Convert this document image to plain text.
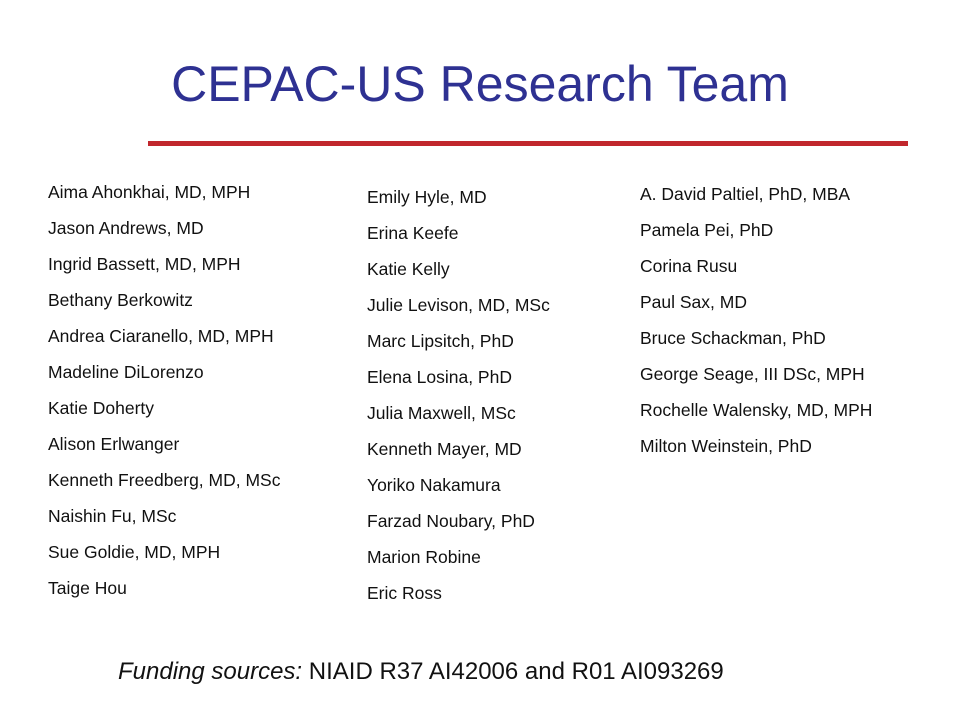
CEPAC-US Research Team
Aima Ahonkhai, MD, MPH
Jason Andrews, MD
Ingrid Bassett, MD, MPH
Bethany Berkowitz
Andrea Ciaranello, MD, MPH
Madeline DiLorenzo
Katie Doherty
Alison Erlwanger
Kenneth Freedberg, MD, MSc
Naishin Fu, MSc
Sue Goldie, MD, MPH
Taige Hou
Emily Hyle, MD
Erina Keefe
Katie Kelly
Julie Levison, MD, MSc
Marc Lipsitch, PhD
Elena Losina, PhD
Julia Maxwell, MSc
Kenneth Mayer, MD
Yoriko Nakamura
Farzad Noubary, PhD
Marion Robine
Eric Ross
A. David Paltiel, PhD, MBA
Pamela Pei, PhD
Corina Rusu
Paul Sax, MD
Bruce Schackman, PhD
George Seage, III DSc, MPH
Rochelle Walensky, MD, MPH
Milton Weinstein, PhD
Funding sources: NIAID R37 AI42006 and R01 AI093269
